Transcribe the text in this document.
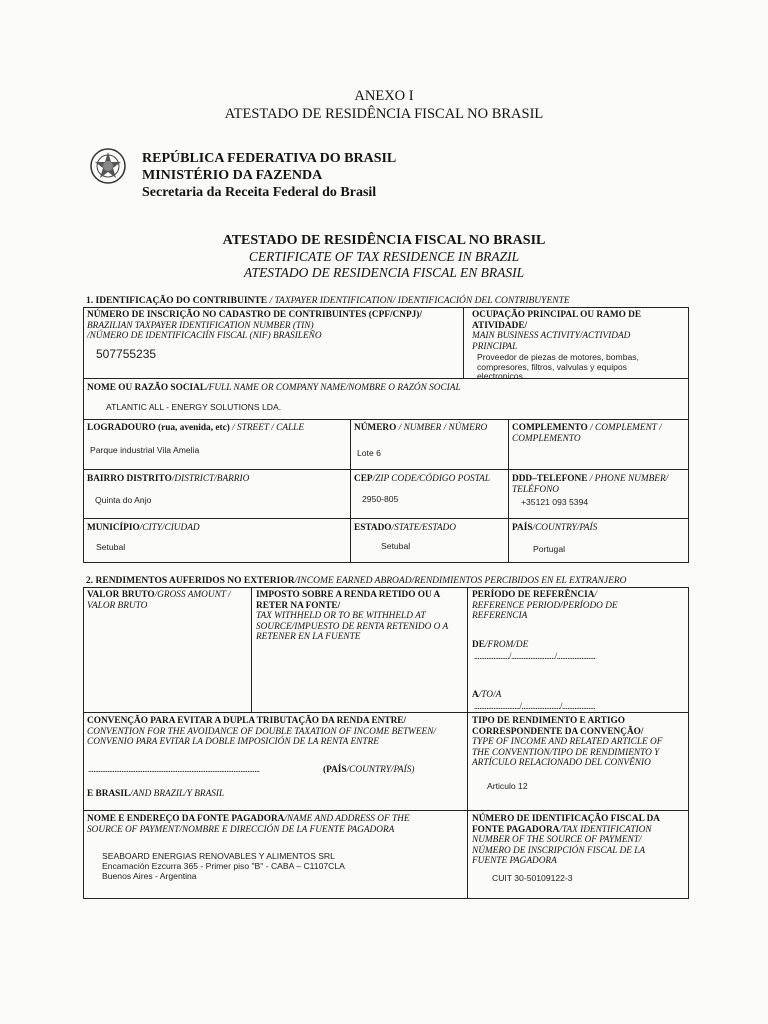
ANEXO I
ATESTADO DE RESIDÊNCIA FISCAL NO BRASIL
REPÚBLICA FEDERATIVA DO BRASIL
MINISTÉRIO DA FAZENDA
Secretaria da Receita Federal do Brasil
ATESTADO DE RESIDÊNCIA FISCAL NO BRASIL
CERTIFICATE OF TAX RESIDENCE IN BRAZIL
ATESTADO DE RESIDENCIA FISCAL EN BRASIL
1. IDENTIFICAÇÃO DO CONTRIBUINTE / TAXPAYER IDENTIFICATION/ IDENTIFICACIÓN DEL CONTRIBUYENTE
NÚMERO DE INSCRIÇÃO NO CADASTRO DE CONTRIBUINTES (CPF/CNPJ)/
BRAZILIAN TAXPAYER IDENTIFICATION NUMBER (TIN)
/NÚMERO DE IDENTIFICACIÍN FISCAL (NIF) BRASILEÑO
507755235
OCUPAÇÃO PRINCIPAL OU RAMO DE
ATIVIDADE/
MAIN BUSINESS ACTIVITY/ACTIVIDAD
PRINCIPAL
Proveedor de piezas de motores, bombas,
compresores, filtros, valvulas y equipos
electronicos.
NOME OU RAZÃO SOCIAL/FULL NAME OR COMPANY NAME/NOMBRE O RAZÓN SOCIAL
ATLANTIC ALL - ENERGY SOLUTIONS LDA.
LOGRADOURO (rua, avenida, etc) / STREET / CALLE
Parque industrial Vila Amelia
NÚMERO / NUMBER / NÚMERO
Lote 6
COMPLEMENTO / COMPLEMENT /
COMPLEMENTO
BAIRRO DISTRITO/DISTRICT/BARRIO
Quinta do Anjo
CEP/ZIP CODE/CÓDIGO POSTAL
2950-805
DDD–TELEFONE / PHONE NUMBER/
TELÉFONO
+35121 093 5394
MUNICÍPIO/CITY/CIUDAD
Setubal
ESTADO/STATE/ESTADO
Setubal
PAÍS/COUNTRY/PAÍS
Portugal
2. RENDIMENTOS AUFERIDOS NO EXTERIOR/INCOME EARNED ABROAD/RENDIMIENTOS PERCIBIDOS EN EL EXTRANJERO
VALOR BRUTO/GROSS AMOUNT /
VALOR BRUTO
IMPOSTO SOBRE A RENDA RETIDO OU A
RETER NA FONTE/
TAX WITHHELD OR TO BE WITHHELD AT
SOURCE/IMPUESTO DE RENTA RETENIDO O A
RETENER EN LA FUENTE
PERÍODO DE REFERÊNCIA/
REFERENCE PERIOD/PERÍODO DE
REFERENCIA
DE/FROM/DE
..................../........................./......................
A/TO/A
........................../....................../...................
CONVENÇÃO PARA EVITAR A DUPLA TRIBUTAÇÃO DA RENDA ENTRE/
CONVENTION FOR THE AVOIDANCE OF DOUBLE TAXATION OF INCOME BETWEEN/
CONVENIO PARA EVITAR LA DOBLE IMPOSICIÓN DE LA RENTA ENTRE
..................................................................................................	(PAÍS/COUNTRY/PAÍS)
E BRASIL/AND BRAZIL/Y BRASIL
TIPO DE RENDIMENTO E ARTIGO
CORRESPONDENTE DA CONVENÇÃO/
TYPE OF INCOME AND RELATED ARTICLE OF
THE CONVENTION/TIPO DE RENDIMIENTO Y
ARTÍCULO RELACIONADO DEL CONVÊNIO
Articulo 12
NOME E ENDEREÇO DA FONTE PAGADORA/NAME AND ADDRESS OF THE
SOURCE OF PAYMENT/NOMBRE E DIRECCIÓN DE LA FUENTE PAGADORA
SEABOARD ENERGIAS RENOVABLES Y ALIMENTOS SRL
Encamación Ezcurra 365 - Primer piso "B" - CABA – C1107CLA
Buenos Aires - Argentina
NÚMERO DE IDENTIFICAÇÃO FISCAL DA
FONTE PAGADORA/TAX IDENTIFICATION
NUMBER OF THE SOURCE OF PAYMENT/
NÚMERO DE INSCRIPCIÓN FISCAL DE LA
FUENTE PAGADORA
CUIT 30-50109122-3
